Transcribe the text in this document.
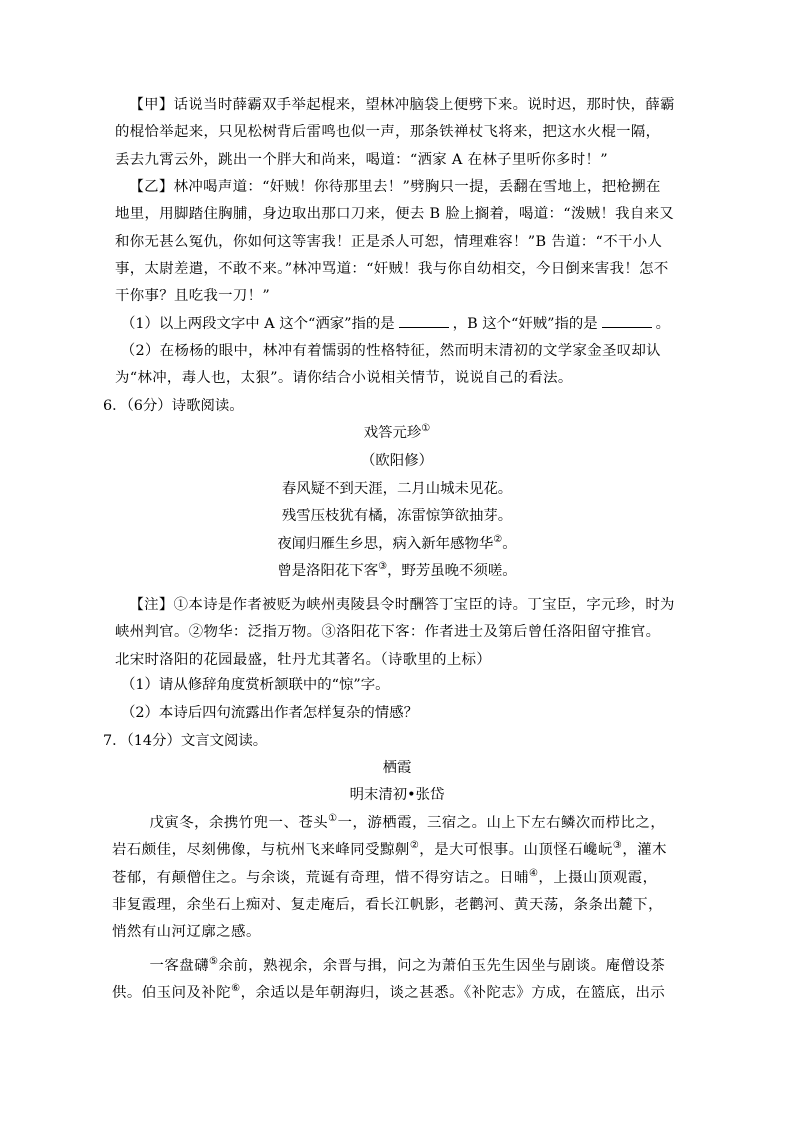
【甲】话说当时薛霸双手举起棍来，望林冲脑袋上便劈下来。说时迟，那时快，薛霸的棍恰举起来，只见松树背后雷鸣也似一声，那条铁禅杖飞将来，把这水火棍一隔，丢去九霄云外，跳出一个胖大和尚来，喝道：“洒家 A 在林子里听你多时！”

【乙】林冲喝声道：“奸贼！你待那里去！”劈胸只一提，丢翻在雪地上，把枪搠在地里，用脚踏住胸脯，身边取出那口刀来，便去 B 脸上搁着，喝道：“泼贼！我自来又和你无甚么冤仇，你如何这等害我！正是杀人可恕，情理难容！”B 告道：“不干小人事，太尉差遣，不敢不来。”林冲骂道：“奸贼！我与你自幼相交，今日倒来害我！怎不干你事？且吃我一刀！”

（1）以上两段文字中 A 这个“洒家”指的是	，B 这个“奸贼”指的是	。

（2）在杨杨的眼中，林冲有着懦弱的性格特征，然而明末清初的文学家金圣叹却认为“林冲，毒人也，太狠”。请你结合小说相关情节，说说自己的看法。

6．（6分）诗歌阅读。
戏答元珍①
（欧阳修）
春风疑不到天涯，二月山城未见花。
残雪压枝犹有橘，冻雷惊笋欲抽芽。
夜闻归雁生乡思，病入新年感物华②。
曾是洛阳花下客③，野芳虽晚不须嗟。

【注】①本诗是作者被贬为峡州夷陵县令时酬答丁宝臣的诗。丁宝臣，字元珍，时为峡州判官。②物华：泛指万物。③洛阳花下客：作者进士及第后曾任洛阳留守推官。北宋时洛阳的花园最盛，牡丹尤其著名。（诗歌里的上标）

（1）请从修辞角度赏析颔联中的“惊”字。
（2）本诗后四句流露出作者怎样复杂的情感？
7．（14分）文言文阅读。
栖霞
明末清初•张岱

戊寅冬，余携竹兜一、苍头①一，游栖霞，三宿之。山上下左右鳞次而栉比之，岩石颇佳，尽刻佛像，与杭州飞来峰同受黥劓②，是大可恨事。山顶怪石巉岏③，灌木苍郁，有颠僧住之。与余谈，荒诞有奇理，惜不得穷诘之。日晡④，上摄山顶观霞，非复霞理，余坐石上痴对、复走庵后，看长江帆影，老鹳河、黄天荡，条条出麓下，悄然有山河辽廓之感。

一客盘礴⑤余前，熟视余，余晋与揖，问之为萧伯玉先生因坐与剧谈。庵僧设茶供。伯玉问及补陀⑥，余适以是年朝海归，谈之甚悉。《补陀志》方成，在篮底，出示
